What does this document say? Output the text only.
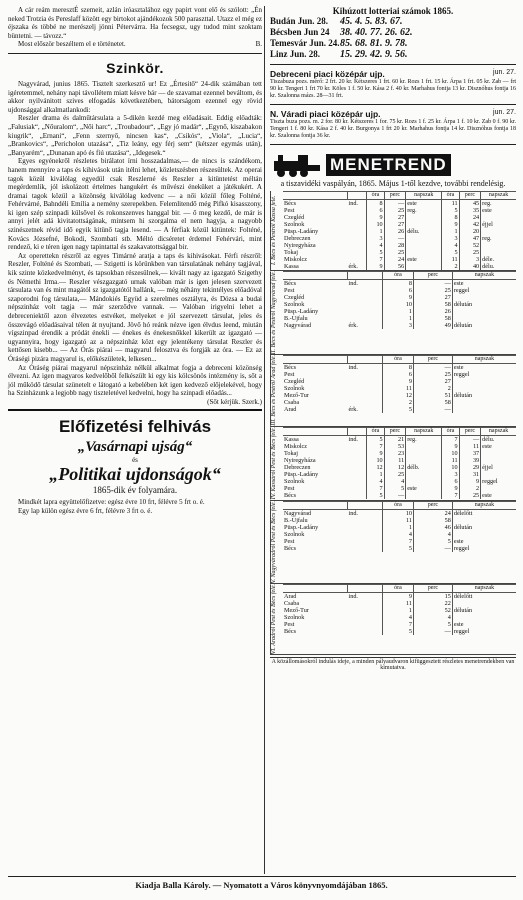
A cár reám meresztÉ szemeit, azlán iróasztalához egy papirt vont elő és szólott: „Én neked Trotzia és Pereslaff között egy birtokot ajándékozok 500 paraszttal. Utazz el még ez éjszaka és többé ne merészelj jönni Pétervárra. Ha fecsegsz, ugy tudod mint szoktam büntetni. — távozz.“

Most először beszéltem el e történetet.	B.

Szinkör.

Nagyvárad, junius 1865. Tisztelt szerkesztő ur! Ez „Értesitő“ 24-dik számában tett igéretemmel, nehány napi távollétem miatt késve bár — de szavamat ezennel beváltom, és akkor nyilvánitott szives elfogadás következtében, bátorságom ezennel egy rövid ujdonsággal alkalmatlankodi:

Reszler drama és dalműtársulata a 5-dikén kezdé meg előadásait. Eddig előadták: „Falusiak“, „Nőuralom“, „Női harc“, „Troubadour“, „Egy jó madár“, „Egynő, kiszabakon kiugrik“, „Ernani“, „Fenn szernyő, nincsen kas“, „Csikós“, „Viola“, „Lucia“, „Brankovics“, „Pericholon utazása“, „Tiz leány, egy férj sem“ (kétszer egymás után), „Banyarém“, „Dunanan apó és fiú utazása“, „Idegesek.“

Egyes egyénekről részletes birálatot írni hosszadalmas,— de nincs is szándékom, hanem mennyire a taps és kihivások után itélni lehet, közletszésben részesültek. Az operai tagok közül kiválólag egyedül csak Reszlerné és Reszler a kitüntetést méltán megérdemlik, jól iskolázott értelmes hangukért és művészi éneküket a játékukért. A dramai tagok közül a közönség kiválólag kedvenc — a női közül főleg Folténé, Fehérvárné, Bahndéli Emília a nemény szerepekben. Felemlitendő még Pifkó kisasszony, ki igen szép szinpadi külsővel és rokonszenves hanggal bir. — ő meg kezdő, de már is annyi jelét adá kivitatottságának, mintsem hi szorgalma el nem hagyja, a nagyobb szinészetnek révid idő egyik kitünő tagja lesend. — A férfiak közül kitüntek: Folténé, Kovács Józsefné, Bokodi, Szombati stb. Méltó dicséretet érdemel Fehérvári, mint rendező, ki e téren igen nagy tapintattal és szakavatottsággal bir.

Az operettekn részről az egyes Timárné aratja a taps és kihivásokat. Férfi részről: Reszler, Folténé és Szombati, — Szigetti is körünkben van társulatának nehány tagjával, kik szinte közkedvelményt, és tapsokban részesülnek,— kivált nagy az igazgató Szigethy és Némethi Irma.— Reszler vészgazgató urnak valóban már is igen jelesen szervezett társulata van és mint magától sz igazgatótól hallánk, — még néhány tekintélyes előadóval szaporodni fog társulata,— Mándokiés Együd a szerelmes osztályra, és Dózsa a budai népszinház volt tagja — már szerződve vannak. — Valóban irigyelni lehet a debreceniektől azon élvezetes estvéket, melyeket e jól szervezett társulat, jeles és összevágó előadásaival télen át nyujtand. Jövő hó reánk nézve igen élvdus leend, miután vígszinpad érendik a pródát énekli — énekes és énekesnőkkel kikerült az igazgató — ugyannyira, hogy igazgató az a népszinház közt egy jelentékeny társulat Reszler és kettősen kisebb... — Az Órás piárai — magyarul felosztva és forgják az óra. — Ez az Óráségi pizára magyarul is, előkészületek, lelkesen...

Az Óráség piárai magyarul népszinház nélkül alkalmat fogja a debreceni közönség élvezni. Az igen magyaros kedvelőből felkészült ki egy kis kölcsönös intézmény is, sőt a jól működő társulat szünetelt e látogató a kebelében két igen kedvező előjelekével, hogy ha Szinházunk a legjobb nagy tiszteletével kedvelni, hogy ha szinpadi előadás...

(Sőt kérjük. Szerk.)

Előfizetési felhivás
„Vasárnapi ujság“
és
„Politikai ujdonságok“
1865-dik év folyamára.

Mindkét lapra együttelőfizetve: egész évre 10 frt, félévre 5 frt o. é.

Egy lap külön egész évre 6 frt, félévre 3 frt o. é.

Kihúzott lotteriai számok 1865.
Budán Jun. 28. 45. 4. 5. 83. 67.
Bécsben Jun 24 38. 40. 77. 26. 62.
Temesvár Jun. 24.85. 68. 81. 9. 78.
Linz Jun. 28. 15. 29. 42. 9. 56.
Debreceni piaci középár ujp.	jun. 27.

Tiszabuza pozs. mérő: 2 frt. 20 kr. Kétszeres 1 frt. 60 kr. Rozs 1 frt. 15 kr. Árpa 1 frt. 05 kr. Zab — frt 90 kr. Tengeri 1 frt 70 kr. Köles 1 f. 50 kr. Kása 2 f. 40 kr. Marhahus fontja 13 kr. Disznóhus fontja 16 kr. Szalonna mázs. 28—31 frt.

N. Váradi piaci középár ujp.	jun. 27.

Tiszta buza pozs. m. 2 for. 80 kr. Kétszeres 1 for. 75 kr. Rozs 1 f. 25 kr. Árpa 1 f. 10 kr. Zab 0 f. 90 kr. Tengeri 1 f. 80 kr. Kása 2 f. 40 kr. Burgonya 1 frt 20 kr. Marhahus fontja 14 kr. Disznóhus fontja 18 kr. Szalonna fontja 36 kr.

MENETREND
a tiszavidéki vaspályán, 1865. Május 1-től kezdve, további rendelésig.
I. Bécs és Pestről Kassa felé.
		óra	perc	napszak	óra	perc	napszak
Bécs	ind.	8	—	este	11	45	reg.
Pest		6	25	reg.	5	35	este
Czegléd		9	27		8	24	
Szolnok		10	27		9	42	éjjel
Püsp.-Ladány		1	26	délu.	1	20	
Debreczen		3	—		3	47	reg.
Nyiregyháza		4	28		4	52	
Tokaj		5	25		5	25	
Miskolcz		7	24	este	11	3	délе.
Kassa	érk.	9	56		2	40	délu.
II. Bécs és Pestről Nagyvárad felé.
			óra	perc	napszak
Bécs	ind.	8	—	este
Pest		6	25	reggel
Czegléd		9	27	
Szolnok		10	58	délután
Püsp.-Ladány		1	26	
B.-Ujfalu		1	58	
Nagyvárad	érk.	3	49	délután
III. Bécs és Pestről Arad felé.
			óra	perc	napszak
Bécs	ind.	8	—	este
Pest		6	25	reggel
Czegléd		9	27	
Szolnok		11	2	
Mező-Tur		12	51	délután
Csaba		2	58	
Arad	érk.	5	—	
IV. Kassáról Pest és Bécs felé.
			óra	perc	napszak	óra	perc	napszak
Kassa	ind.	5	21	reg.	7	—	délu.
Miskolcz		7	53		9	11	este
Tokaj		9	23		10	37	
Nyiregyháza		10	11		11	39	
Debreczen		12	12	délb.	10	29	éjjel
Püsp.-Ladány		1	25		3	31	
Szolnok		4	4		6	9	reggel
Pest		7	5	este	9	2	
Bécs		5	—		7	25	este
V. Nagyváradról Pest és Bécs felé.
			óra	perc	napszak
Nagyvárad	ind.	10	24	délelőtt
B.-Ujfalu		11	58	
Püsp.-Ladány		1	46	délután
Szolnok		4	4	
Pest		7	5	este
Bécs		5	—	reggel
VI. Aradról Pest és Bécs felé.
			óra	perc	napszak
Arad	ind.	9	15	délelőtt
Csaba		11	22	
Mező-Tur		1	52	délután
Szolnok		4	4	
Pest		7	5	este
Bécs		5	—	reggel
A közállomásokról indulás ideje, a minden pályaudvaron kifüggesztett részletes menetrendekben van kimutatva.
Kiadja Balla Károly. — Nyomatott a Város könyvnyomdájában 1865.
